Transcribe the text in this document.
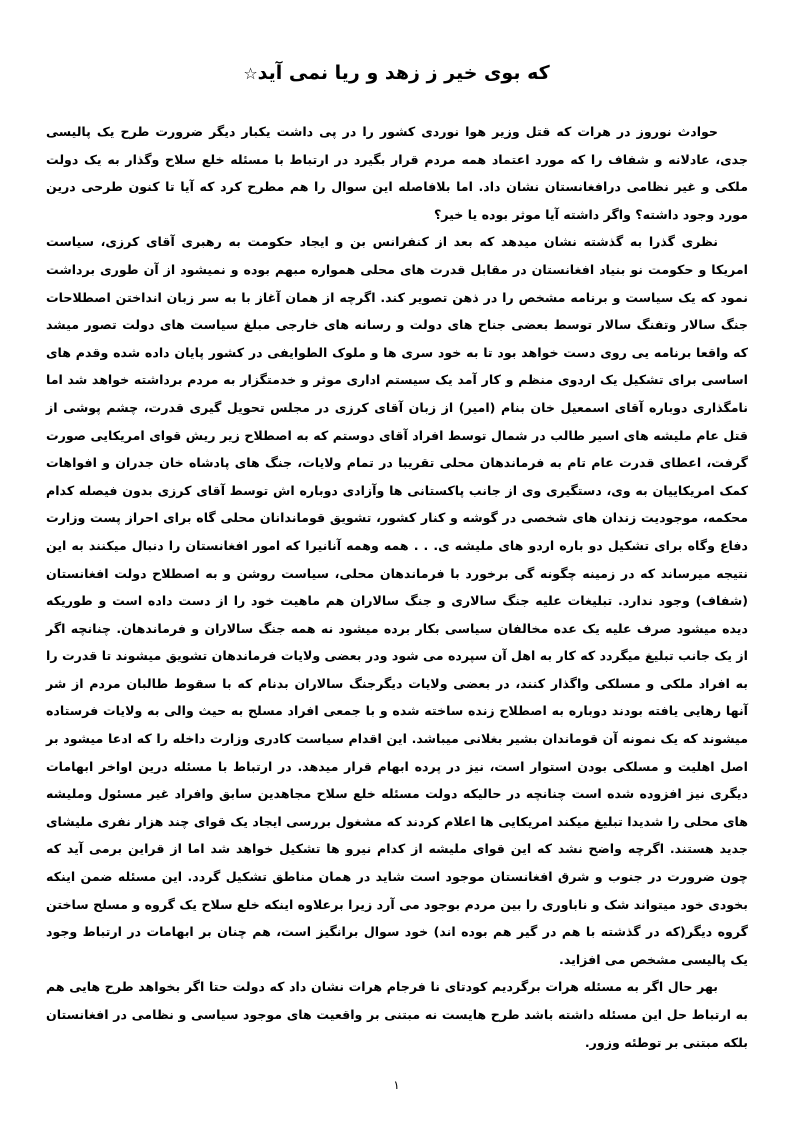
که بوی خیر ز زهد و ریا نمی آید☆

حوادث نوروز در هرات که قتل وزیر هوا نوردی کشور را در پی داشت یکبار دیگر ضرورت طرح یک پالیسی جدی، عادلانه و شفاف را که مورد اعتماد همه مردم قرار بگیرد در ارتباط با مسئله خلع سلاح وگذار به یک دولت ملکی و غیر نظامی درافغانستان نشان داد. اما بلافاصله این سوال را هم مطرح کرد که آیا تا کنون طرحی درین مورد وجود داشته؟ واگر داشته آیا موثر بوده یا خیر؟

نظری گذرا به گذشته نشان میدهد که بعد از کنفرانس بن و ایجاد حکومت به رهبری آقای کرزی، سیاست امریکا و حکومت نو بنیاد افغانستان در مقابل قدرت های محلی همواره مبهم بوده و نمیشود از آن طوری برداشت نمود که یک سیاست و برنامه مشخص را در ذهن تصویر کند. اگرچه از همان آغاز با به سر زبان انداختن اصطلاحات جنگ سالار وتفنگ سالار توسط بعضی جناح های دولت و رسانه های خارجی مبلغ سیاست های دولت تصور میشد که واقعا برنامه یی روی دست خواهد بود تا به خود سری ها و ملوک الطوایفی در کشور پایان داده شده وقدم های اساسی برای تشکیل یک اردوی منظم و کار آمد یک سیستم اداری موثر و خدمتگزار به مردم برداشته خواهد شد اما نامگذاری دوباره آقای اسمعیل خان بنام (امیر) از زبان آقای کرزی در مجلس تحویل گیری قدرت، چشم پوشی از قتل عام ملیشه های اسیر طالب در شمال توسط افراد آقای دوستم که به اصطلاح زیر ریش قوای امریکایی صورت گرفت، اعطای قدرت عام تام به فرماندهان محلی تقریبا در تمام ولایات، جنگ های پادشاه خان جدران و افواهات کمک امریکاییان به وی، دستگیری وی از جانب پاکستانی ها وآزادی دوباره اش توسط آقای کرزی بدون فیصله کدام محکمه، موجودیت زندان های شخصی در گوشه و کنار کشور، تشویق قوماندانان محلی گاه برای احراز پست وزارت دفاع وگاه برای تشکیل دو باره اردو های ملیشه ی. . . همه وهمه آنانیرا که امور افغانستان را دنبال میکنند به این نتیجه میرساند که در زمینه چگونه گی برخورد با فرماندهان محلی، سیاست روشن و به اصطلاح دولت افغانستان (شفاف) وجود ندارد. تبلیغات علیه جنگ سالاری و جنگ سالاران هم ماهیت خود را از دست داده است و طوریکه دیده میشود صرف علیه یک عده مخالفان سیاسی بکار برده میشود نه همه جنگ سالاران و فرماندهان. چنانچه اگر از یک جانب تبلیغ میگردد که کار به اهل آن سپرده می شود ودر بعضی ولایات فرماندهان تشویق میشوند تا قدرت را به افراد ملکی و مسلکی واگذار کنند، در بعضی ولایات دیگرجنگ سالاران بدنام که با سقوط طالبان مردم از شر آنها رهایی یافته بودند دوباره به اصطلاح زنده ساخته شده و با جمعی افراد مسلح به حیث والی به ولایات فرستاده میشوند که یک نمونه آن قوماندان بشیر بغلانی میباشد. این اقدام سیاست کادری وزارت داخله را که ادعا میشود بر اصل اهلیت و مسلکی بودن استوار است، نیز در پرده ابهام قرار میدهد. در ارتباط با مسئله درین اواخر ابهامات دیگری نیز افزوده شده است چنانچه در حالیکه دولت مسئله خلع سلاح مجاهدین سابق وافراد غیر مسئول وملیشه های محلی را شدیدا تبلیغ میکند امریکایی ها اعلام کردند که مشغول بررسی ایجاد یک قوای چند هزار نفری ملیشای جدید هستند. اگرچه واضح نشد که این قوای ملیشه از کدام نیرو ها تشکیل خواهد شد اما از قراین برمی آید که چون ضرورت در جنوب و شرق افغانستان موجود است شاید در همان مناطق تشکیل گردد. این مسئله ضمن اینکه بخودی خود میتواند شک و ناباوری را بین مردم بوجود می آرد زیرا برعلاوه اینکه خلع سلاح یک گروه و مسلح ساختن گروه دیگر(که در گذشته با هم در گیر هم بوده اند) خود سوال برانگیز است، هم چنان بر ابهامات در ارتباط وجود یک پالیسی مشخص می افزاید.

بهر حال اگر به مسئله هرات برگردیم کودتای نا فرجام هرات نشان داد که دولت حتا اگر بخواهد طرح هایی هم به ارتباط حل این مسئله داشته باشد طرح هایست نه مبتنی بر واقعیت های موجود سیاسی و نظامی در افغانستان بلکه مبتنی بر توطئه وزور.

۱
